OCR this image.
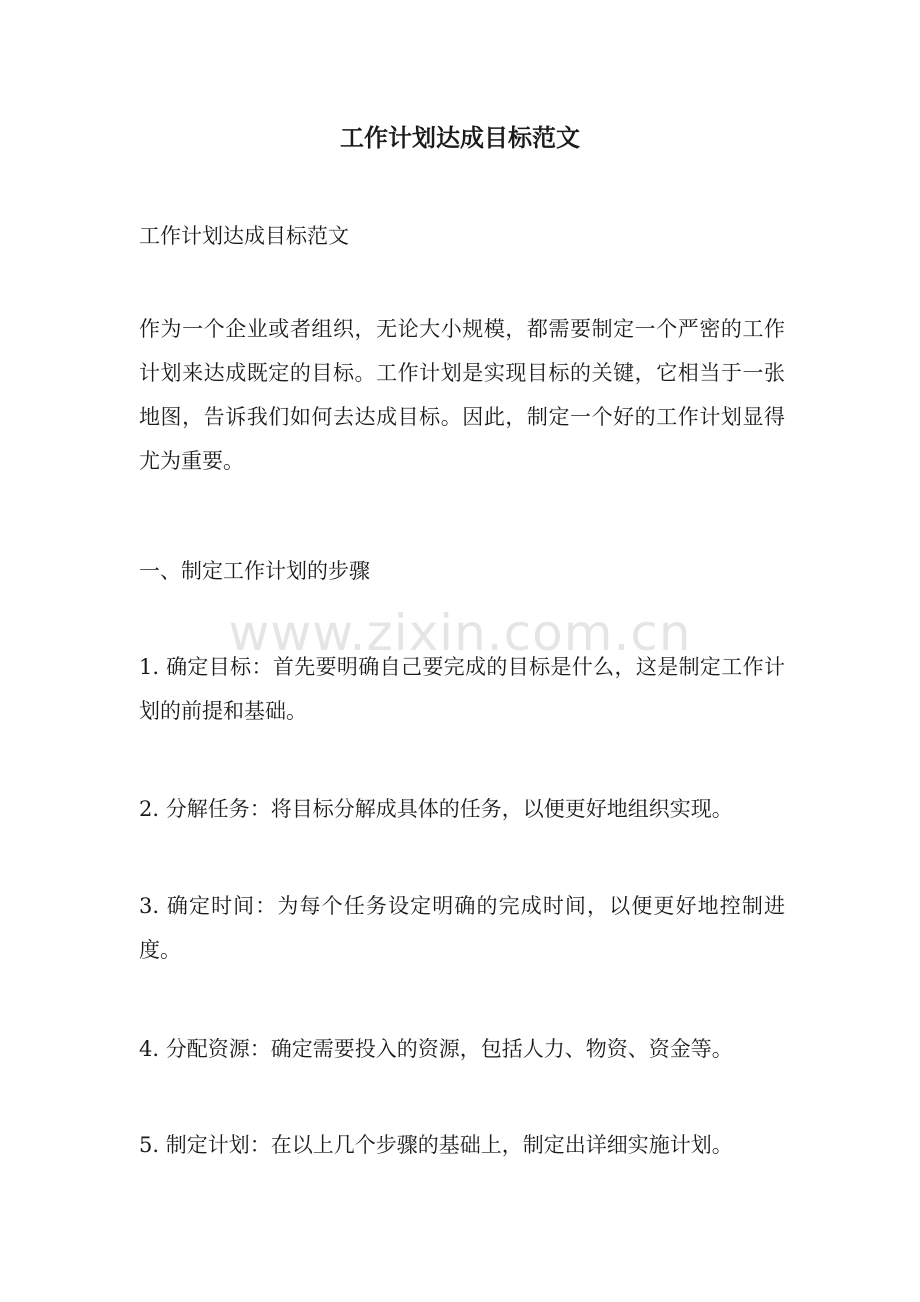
工作计划达成目标范文

工作计划达成目标范文

作为一个企业或者组织，无论大小规模，都需要制定一个严密的工作计划来达成既定的目标。工作计划是实现目标的关键，它相当于一张地图，告诉我们如何去达成目标。因此，制定一个好的工作计划显得尤为重要。

一、制定工作计划的步骤

1. 确定目标：首先要明确自己要完成的目标是什么，这是制定工作计划的前提和基础。

2. 分解任务：将目标分解成具体的任务，以便更好地组织实现。

3. 确定时间：为每个任务设定明确的完成时间，以便更好地控制进度。

4. 分配资源：确定需要投入的资源，包括人力、物资、资金等。

5. 制定计划：在以上几个步骤的基础上，制定出详细实施计划。

www.zixin.com.cn
